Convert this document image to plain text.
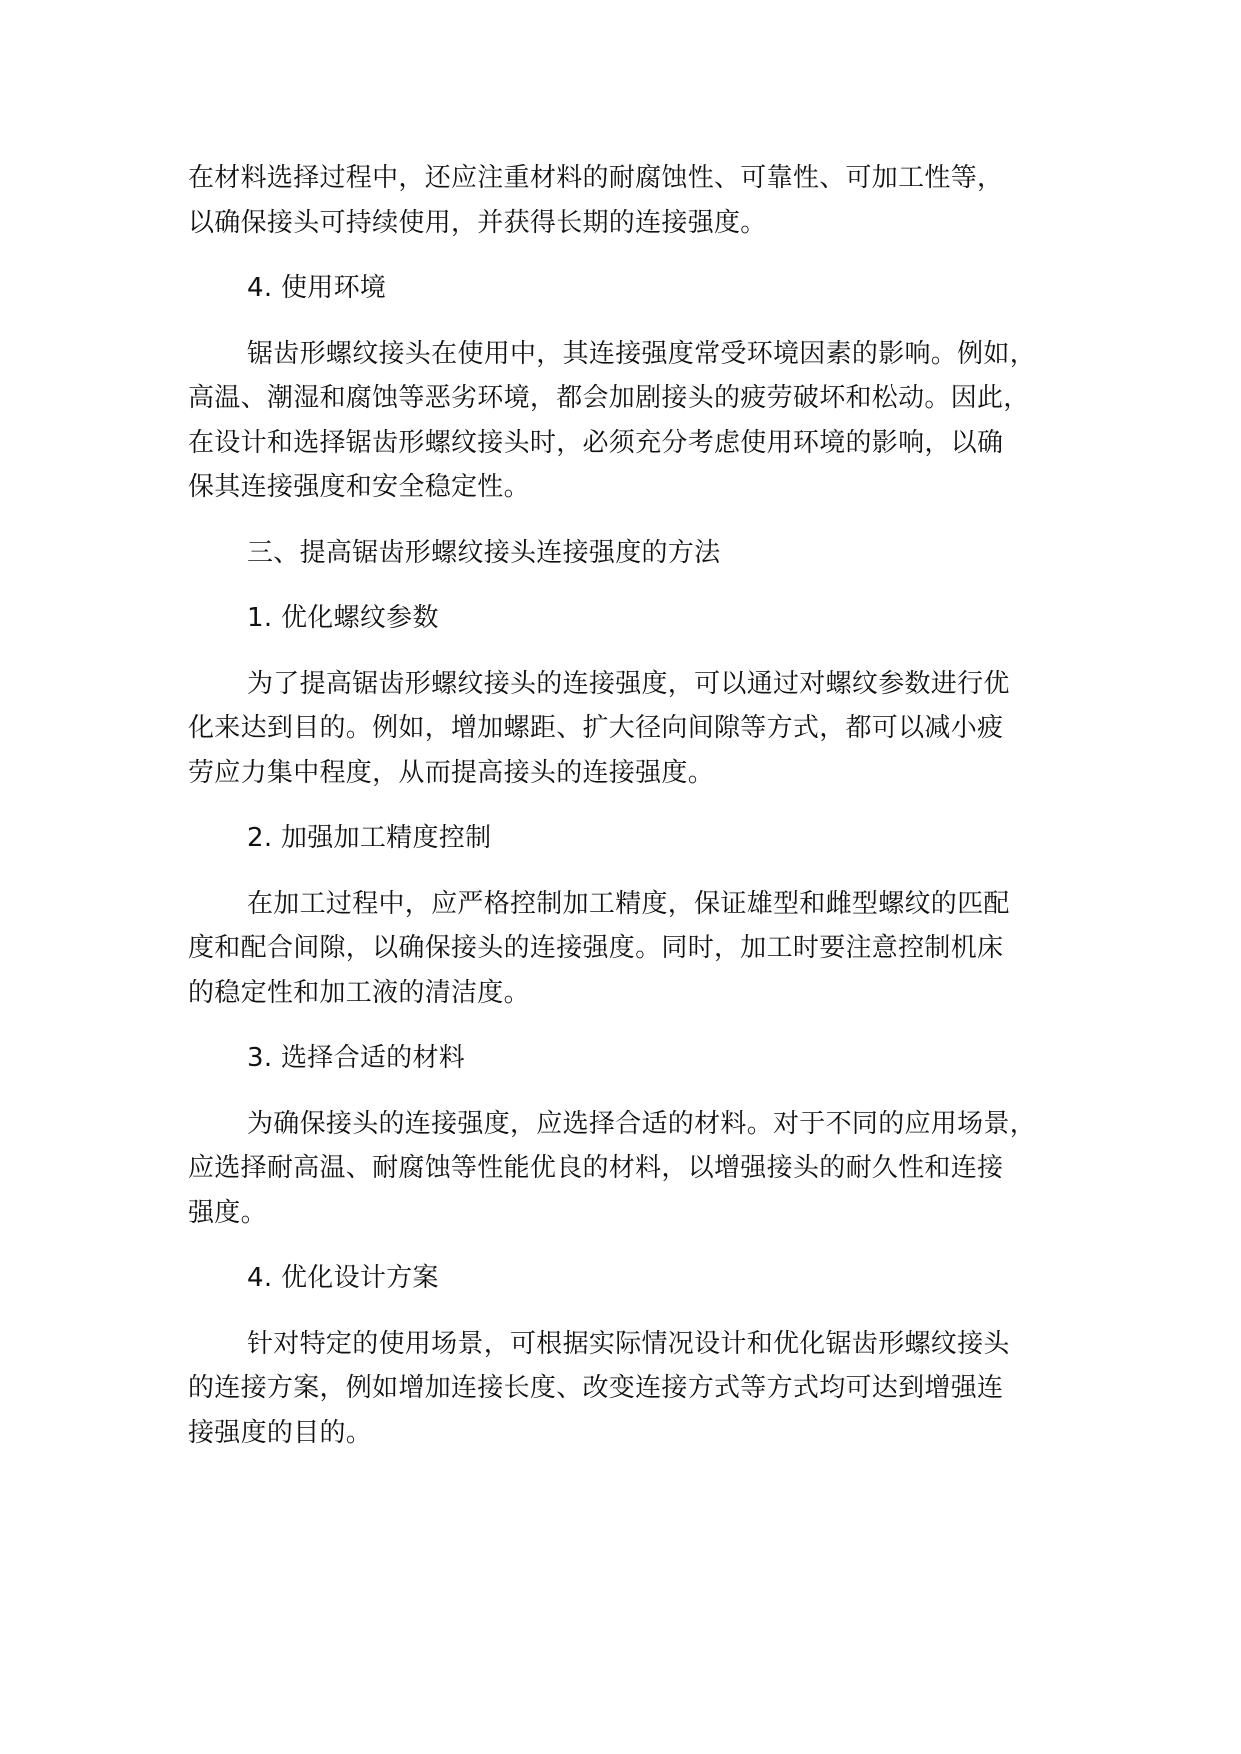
在材料选择过程中，还应注重材料的耐腐蚀性、可靠性、可加工性等，
以确保接头可持续使用，并获得长期的连接强度。
4. 使用环境
锯齿形螺纹接头在使用中，其连接强度常受环境因素的影响。例如，
高温、潮湿和腐蚀等恶劣环境，都会加剧接头的疲劳破坏和松动。因此，
在设计和选择锯齿形螺纹接头时，必须充分考虑使用环境的影响，以确
保其连接强度和安全稳定性。
三、提高锯齿形螺纹接头连接强度的方法
1. 优化螺纹参数
为了提高锯齿形螺纹接头的连接强度，可以通过对螺纹参数进行优
化来达到目的。例如，增加螺距、扩大径向间隙等方式，都可以减小疲
劳应力集中程度，从而提高接头的连接强度。
2. 加强加工精度控制
在加工过程中，应严格控制加工精度，保证雄型和雌型螺纹的匹配
度和配合间隙，以确保接头的连接强度。同时，加工时要注意控制机床
的稳定性和加工液的清洁度。
3. 选择合适的材料
为确保接头的连接强度，应选择合适的材料。对于不同的应用场景，
应选择耐高温、耐腐蚀等性能优良的材料，以增强接头的耐久性和连接
强度。
4. 优化设计方案
针对特定的使用场景，可根据实际情况设计和优化锯齿形螺纹接头
的连接方案，例如增加连接长度、改变连接方式等方式均可达到增强连
接强度的目的。
